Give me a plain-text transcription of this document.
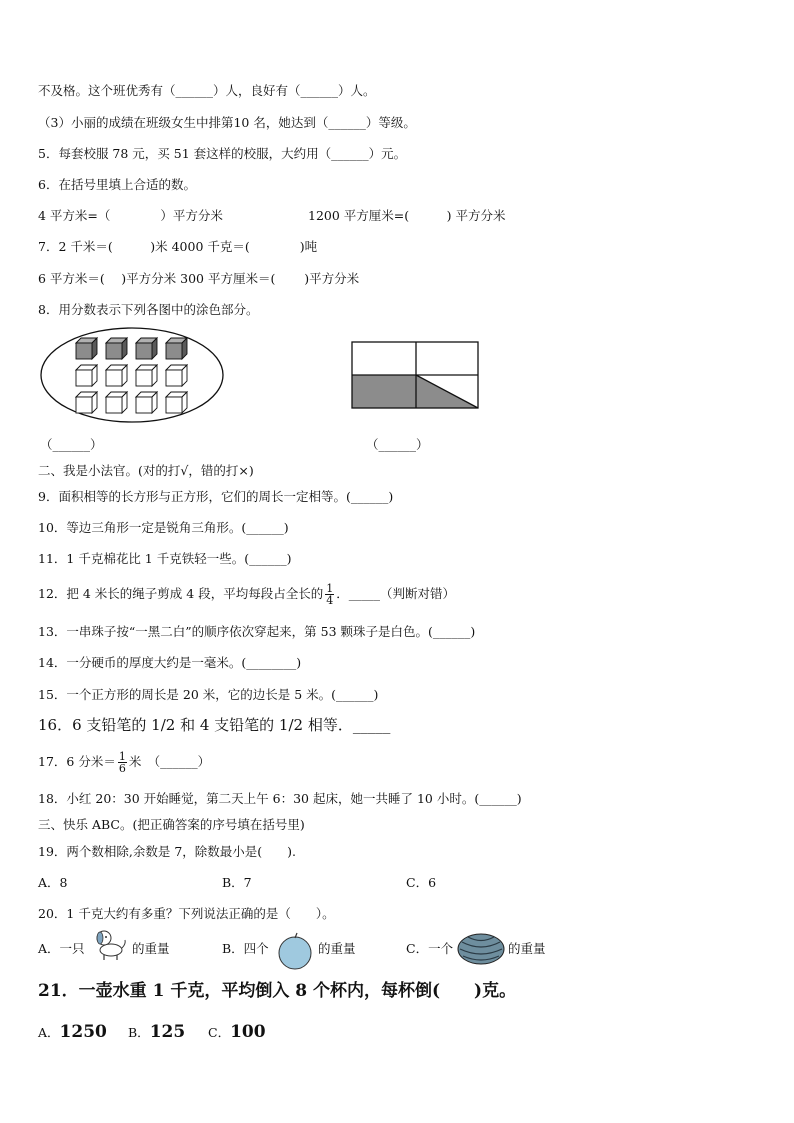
不及格。这个班优秀有（______）人，良好有（______）人。
（3）小丽的成绩在班级女生中排第10 名，她达到（______）等级。
5．每套校服 78 元，买 51 套这样的校服，大约用（______）元。
6．在括号里填上合适的数。
4 平方米=（　　　　）平方分米	1200 平方厘米=(　　　) 平方分米
7．2 千米＝(　　　)米 4000 千克＝(　　　　)吨
6 平方米＝(　 )平方分米 300 平方厘米＝(　　 )平方分米
8．用分数表示下列各图中的涂色部分。
（______）	（______）
二、我是小法官。(对的打√，错的打×)
9．面积相等的长方形与正方形，它们的周长一定相等。(______)
10．等边三角形一定是锐角三角形。(______)
11．1 千克棉花比 1 千克铁轻一些。(______)
12．把 4 米长的绳子剪成 4 段，平均每段占全长的 $\frac{1}{4}$ ．_____（判断对错）
13．一串珠子按“一黑二白”的顺序依次穿起来，第 53 颗珠子是白色。(______)
14．一分硬币的厚度大约是一毫米。(________)
15．一个正方形的周长是 20 米，它的边长是 5 米。(______)
16．6 支铅笔的 1/2 和 4 支铅笔的 1/2 相等．_____
17．6 分米＝ $\frac{1}{6}$ 米　（______）
18．小红 20：30 开始睡觉，第二天上午 6：30 起床，她一共睡了 10 小时。(______)
三、快乐 ABC。(把正确答案的序号填在括号里)
19．两个数相除,余数是 7，除数最小是(　　).
A．8	B．7	C．6
20．1 千克大约有多重？下列说法正确的是（　　）。
A．一只	的重量	B．四个	的重量	C．一个	的重量
21．一壶水重 1 千克，平均倒入 8 个杯内，每杯倒(　　)克。
A．1250 B．125 C．100
